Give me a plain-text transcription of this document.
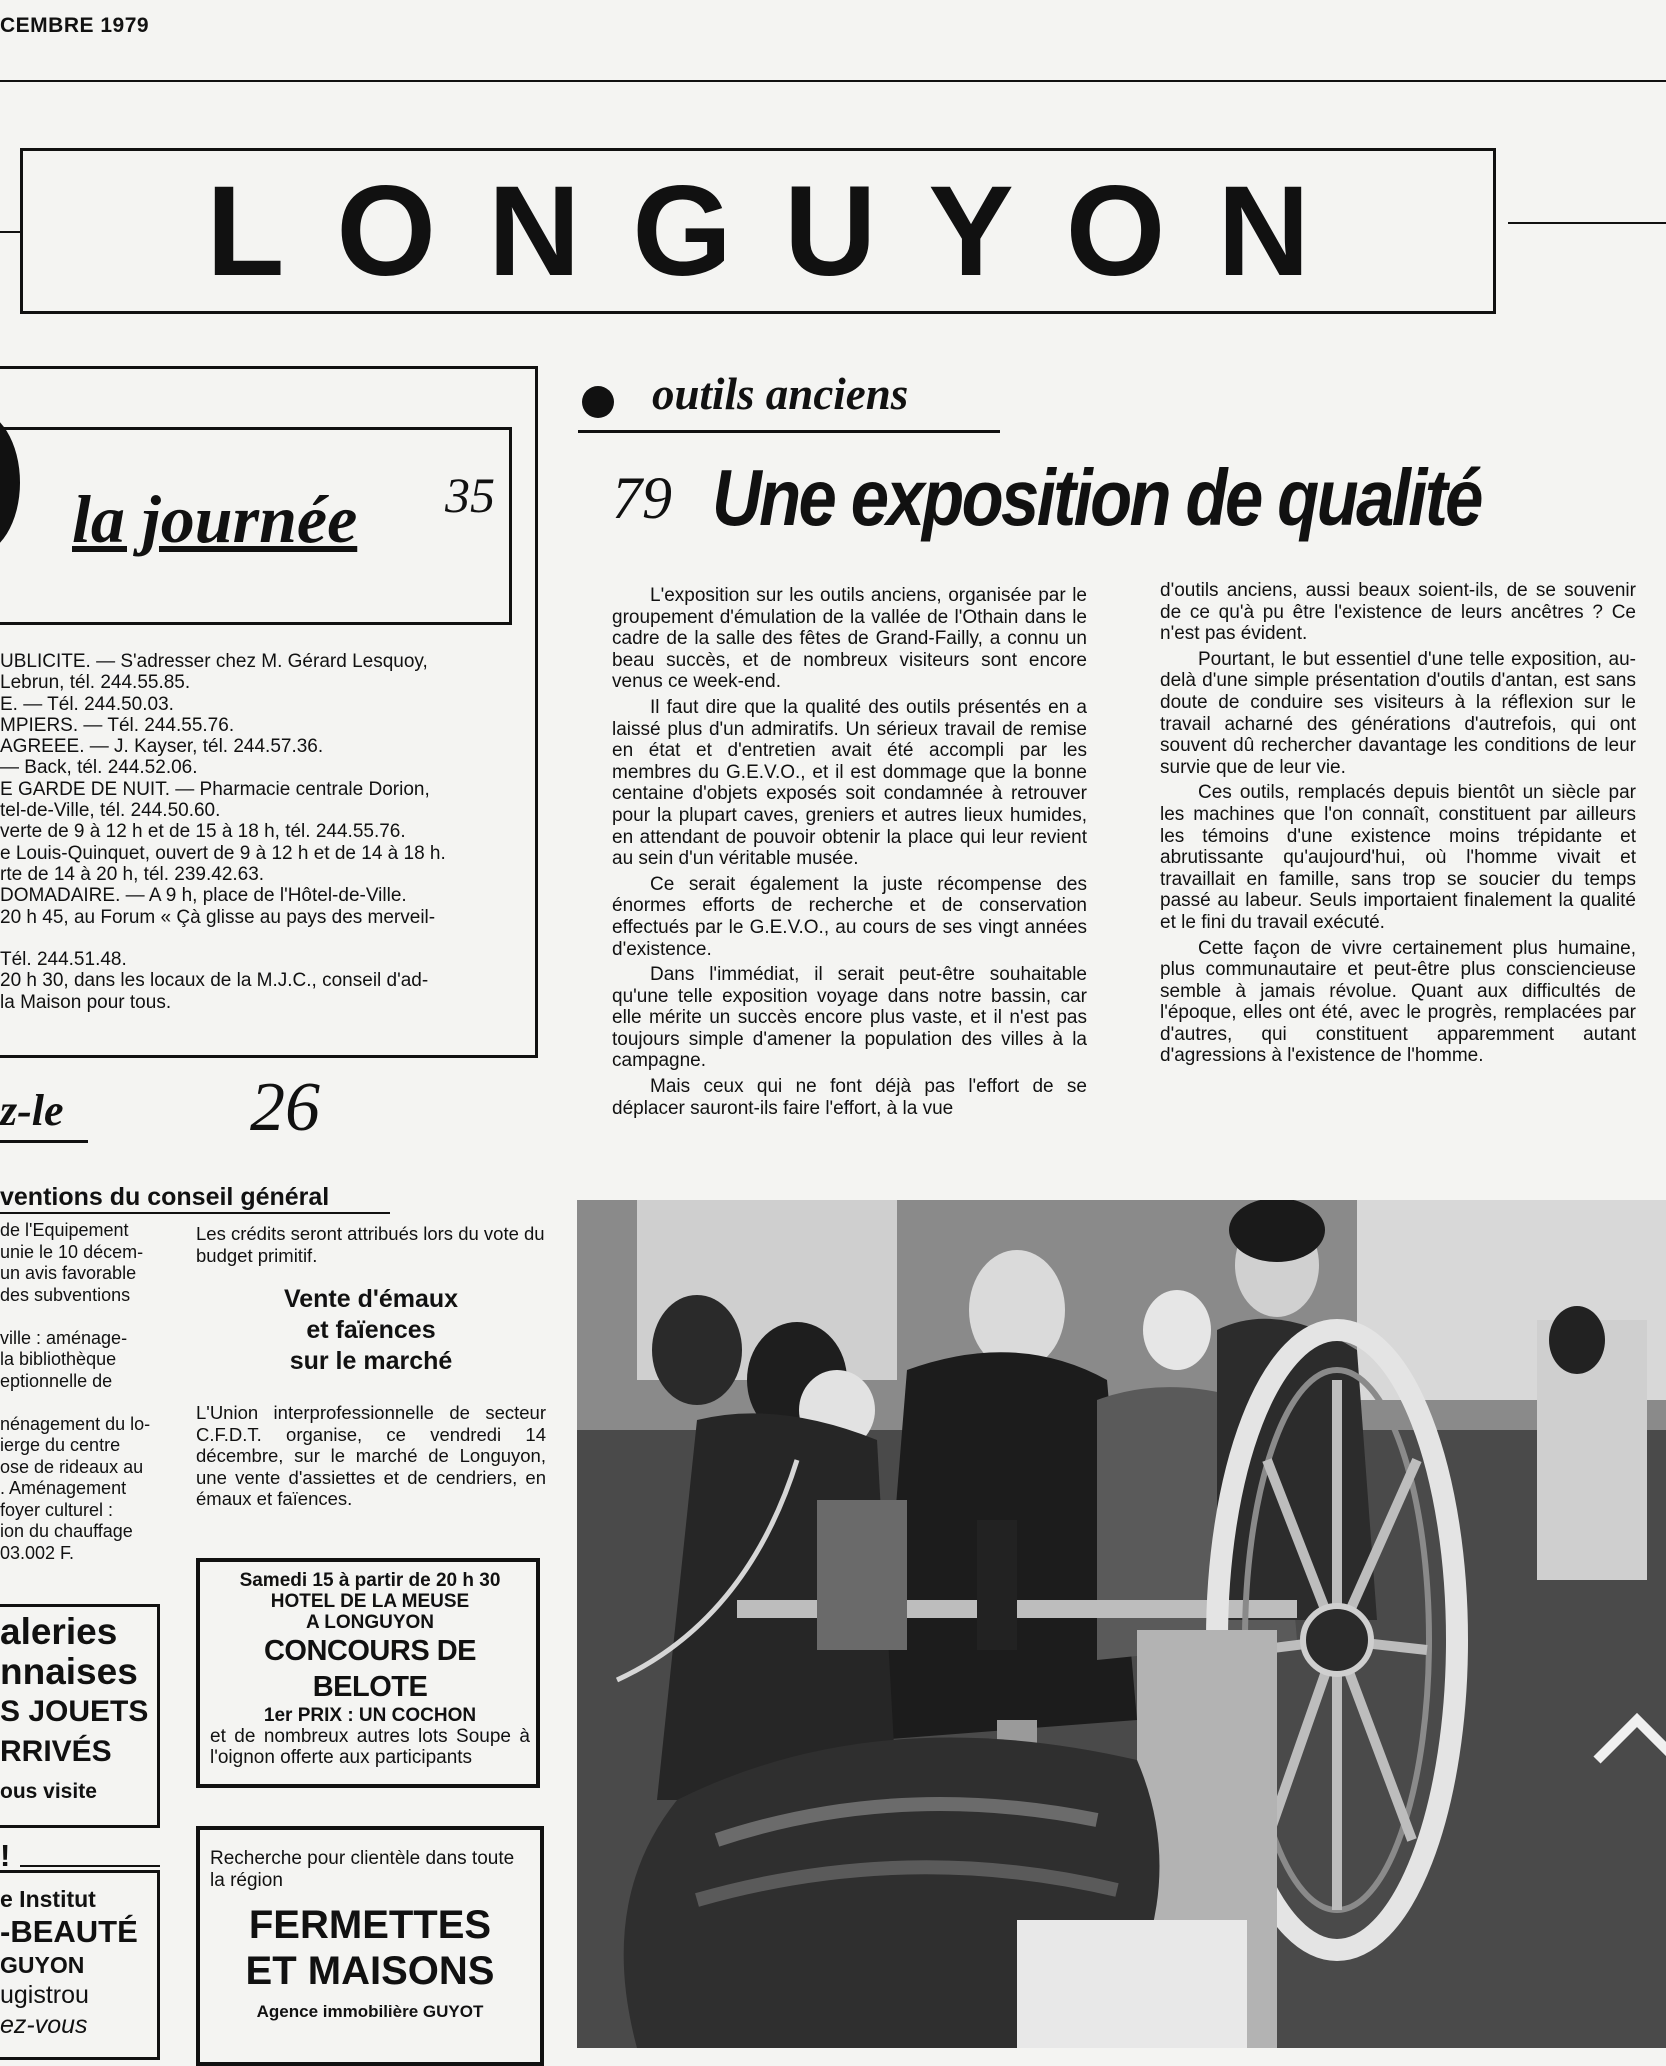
CEMBRE 1979
LONGUYON
la journée 35
UBLICITE. — S'adresser chez M. Gérard Lesquoy,
Lebrun, tél. 244.55.85.
E. — Tél. 244.50.03.
MPIERS. — Tél. 244.55.76.
AGREEE. — J. Kayser, tél. 244.57.36.
— Back, tél. 244.52.06.
E GARDE DE NUIT. — Pharmacie centrale Dorion,
tel-de-Ville, tél. 244.50.60.
verte de 9 à 12 h et de 15 à 18 h, tél. 244.55.76.
e Louis-Quinquet, ouvert de 9 à 12 h et de 14 à 18 h.
rte de 14 à 20 h, tél. 239.42.63.
DOMADAIRE. — A 9 h, place de l'Hôtel-de-Ville.
20 h 45, au Forum « Çà glisse au pays des merveil-
Tél. 244.51.48.
20 h 30, dans les locaux de la M.J.C., conseil d'ad-
la Maison pour tous.
z-le	26
ventions du conseil général
de l'Equipement
unie le 10 décem-
un avis favorable
des subventions
ville : aménage-
la bibliothèque
eptionnelle de
nénagement du lo-
ierge du centre
ose de rideaux au
. Aménagement
foyer culturel :
ion du chauffage
03.002 F.
Les crédits seront attribués lors du vote du budget primitif.
Vente d'émaux
et faïences
sur le marché
L'Union interprofessionnelle de secteur C.F.D.T. organise, ce vendredi 14 décembre, sur le marché de Longuyon, une vente d'assiettes et de cendriers, en émaux et faïences.
Samedi 15 à partir de 20 h 30
HOTEL DE LA MEUSE
A LONGUYON
CONCOURS DE BELOTE
1er PRIX : UN COCHON
et de nombreux autres lots Soupe à l'oignon offerte aux participants
aleries
nnaises
S JOUETS
RRIVÉS
ous visite
!
e Institut
-BEAUTÉ
GUYON
ugistrou
ez-vous
Recherche pour clientèle dans toute la région
FERMETTES
ET MAISONS
Agence immobilière GUYOT
outils anciens
79 Une exposition de qualité

L'exposition sur les outils anciens, organisée par le groupement d'émulation de la vallée de l'Othain dans le cadre de la salle des fêtes de Grand-Failly, a connu un beau succès, et de nombreux visiteurs sont encore venus ce week-end.

Il faut dire que la qualité des outils présentés en a laissé plus d'un admiratifs. Un sérieux travail de remise en état et d'entretien avait été accompli par les membres du G.E.V.O., et il est dommage que la bonne centaine d'objets exposés soit condamnée à retrouver pour la plupart caves, greniers et autres lieux humides, en attendant de pouvoir obtenir la place qui leur revient au sein d'un véritable musée.

Ce serait également la juste récompense des énormes efforts de recherche et de conservation effectués par le G.E.V.O., au cours de ses vingt années d'existence.

Dans l'immédiat, il serait peut-être souhaitable qu'une telle exposition voyage dans notre bassin, car elle mérite un succès encore plus vaste, et il n'est pas toujours simple d'amener la population des villes à la campagne.

Mais ceux qui ne font déjà pas l'effort de se déplacer sauront-ils faire l'effort, à la vue

d'outils anciens, aussi beaux soient-ils, de se souvenir de ce qu'à pu être l'existence de leurs ancêtres ? Ce n'est pas évident.

Pourtant, le but essentiel d'une telle exposition, au-delà d'une simple présentation d'outils d'antan, est sans doute de conduire ses visiteurs à la réflexion sur le travail acharné des générations d'autrefois, qui ont souvent dû rechercher davantage les conditions de leur survie que de leur vie.

Ces outils, remplacés depuis bientôt un siècle par les machines que l'on connaît, constituent par ailleurs les témoins d'une existence moins trépidante et abrutissante qu'aujourd'hui, où l'homme vivait et travaillait en famille, sans trop se soucier du temps passé au labeur. Seuls importaient finalement la qualité et le fini du travail exécuté.

Cette façon de vivre certainement plus humaine, plus communautaire et peut-être plus consciencieuse semble à jamais révolue. Quant aux difficultés de l'époque, elles ont été, avec le progrès, remplacées par d'autres, qui constituent apparemment autant d'agressions à l'existence de l'homme.
